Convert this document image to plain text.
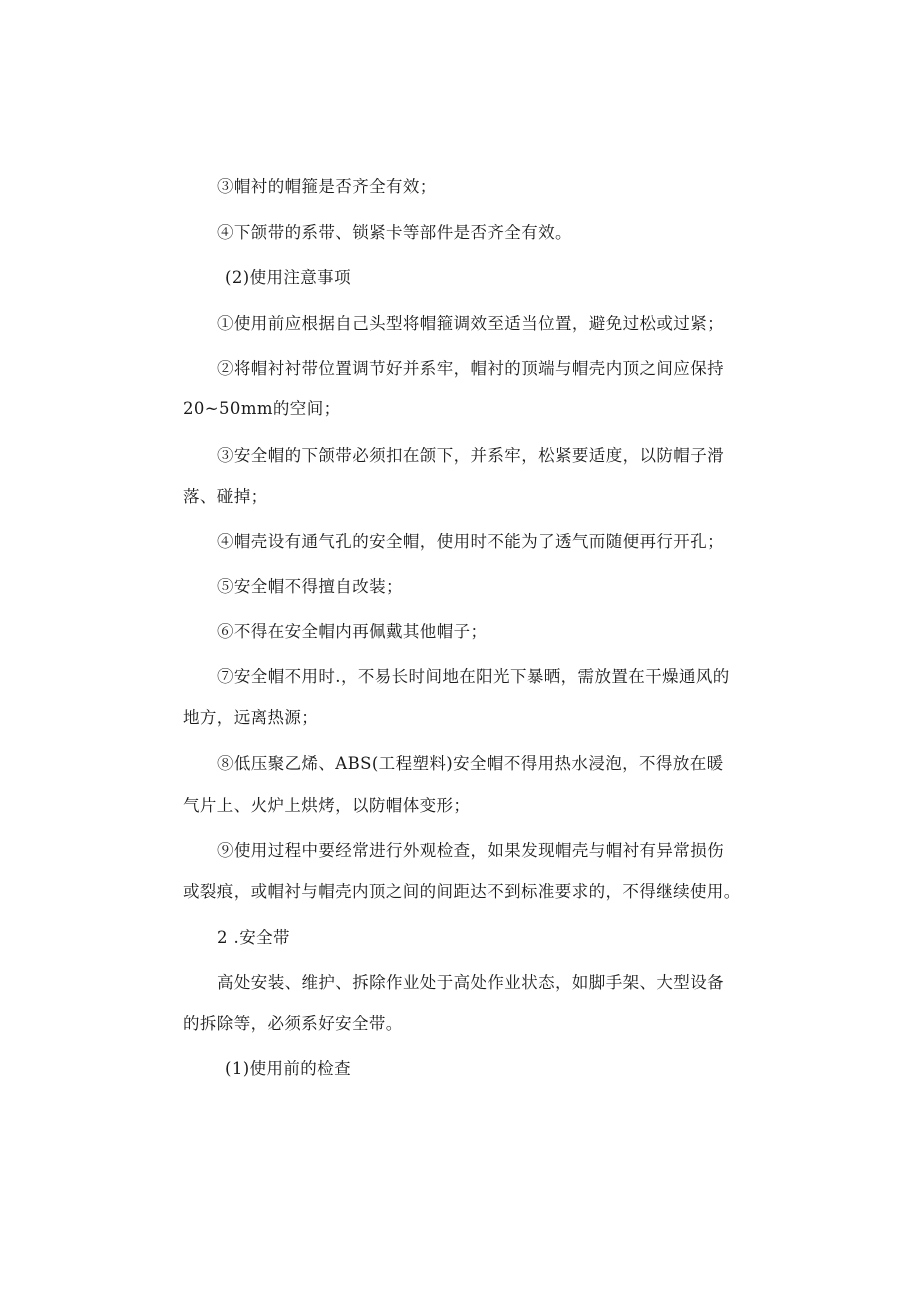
③帽衬的帽箍是否齐全有效；

④下颌带的系带、锁紧卡等部件是否齐全有效。

(2)使用注意事项

①使用前应根据自己头型将帽箍调效至适当位置，避免过松或过紧；

②将帽衬衬带位置调节好并系牢，帽衬的顶端与帽壳内顶之间应保持

20~50mm的空间；

③安全帽的下颌带必须扣在颌下，并系牢，松紧要适度，以防帽子滑

落、碰掉；

④帽壳设有通气孔的安全帽，使用时不能为了透气而随便再行开孔；

⑤安全帽不得擅自改装；

⑥不得在安全帽内再佩戴其他帽子；

⑦安全帽不用时.，不易长时间地在阳光下暴晒，需放置在干燥通风的

地方，远离热源；

⑧低压聚乙烯、ABS(工程塑料)安全帽不得用热水浸泡，不得放在暖

气片上、火炉上烘烤，以防帽体变形；

⑨使用过程中要经常进行外观检查，如果发现帽壳与帽衬有异常损伤

或裂痕，或帽衬与帽壳内顶之间的间距达不到标准要求的，不得继续使用。

2 .安全带

高处安装、维护、拆除作业处于高处作业状态，如脚手架、大型设备

的拆除等，必须系好安全带。

(1)使用前的检查
